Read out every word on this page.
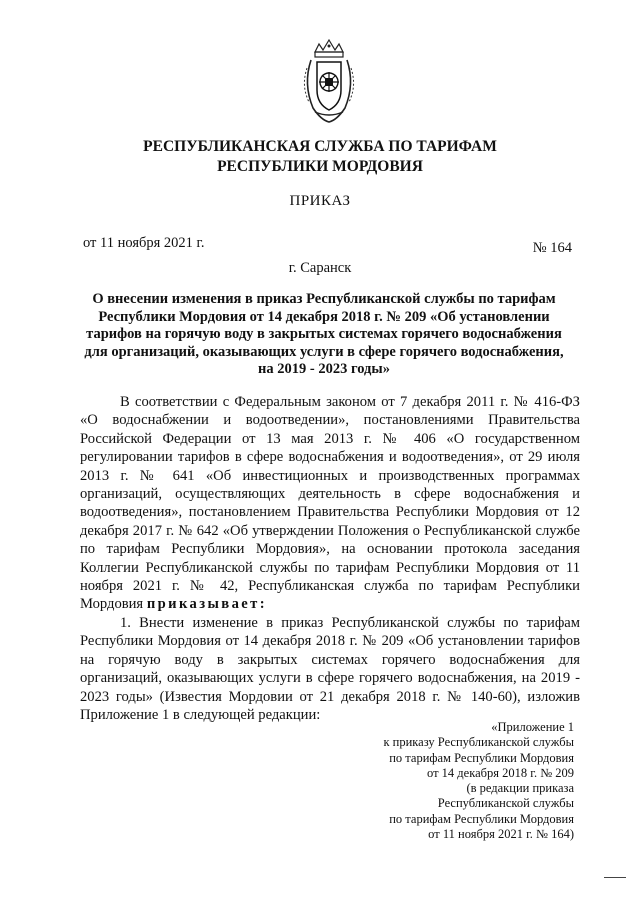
РЕСПУБЛИКАНСКАЯ СЛУЖБА ПО ТАРИФАМ
РЕСПУБЛИКИ МОРДОВИЯ
ПРИКАЗ
от 11 ноября 2021 г.	№ 164
г. Саранск
О внесении изменения в приказ Республиканской службы по тарифам
Республики Мордовия от 14 декабря 2018 г. № 209 «Об установлении
тарифов на горячую воду в закрытых системах горячего водоснабжения
для организаций, оказывающих услуги в сфере горячего водоснабжения,
на 2019 - 2023 годы»

В соответствии с Федеральным законом от 7 декабря 2011 г. № 416-ФЗ «О водоснабжении и водоотведении», постановлениями Правительства Российской Федерации от 13 мая 2013 г. № 406 «О государственном регулировании тарифов в сфере водоснабжения и водоотведения», от 29 июля 2013 г. № 641 «Об инвестиционных и производственных программах организаций, осуществляющих деятельность в сфере водоснабжения и водоотведения», постановлением Правительства Республики Мордовия от 12 декабря 2017 г. № 642 «Об утверждении Положения о Республиканской службе по тарифам Республики Мордовия», на основании протокола заседания Коллегии Республиканской службы по тарифам Республики Мордовия от 11 ноября 2021 г. № 42, Республиканская служба по тарифам Республики Мордовия приказывает:

1. Внести изменение в приказ Республиканской службы по тарифам Республики Мордовия от 14 декабря 2018 г. № 209 «Об установлении тарифов на горячую воду в закрытых системах горячего водоснабжения для организаций, оказывающих услуги в сфере горячего водоснабжения, на 2019 - 2023 годы» (Известия Мордовии от 21 декабря 2018 г. № 140-60), изложив Приложение 1 в следующей редакции:

«Приложение 1
к приказу Республиканской службы
по тарифам Республики Мордовия
от 14 декабря 2018 г. № 209
(в редакции приказа
Республиканской службы
по тарифам Республики Мордовия
от 11 ноября 2021 г. № 164)
